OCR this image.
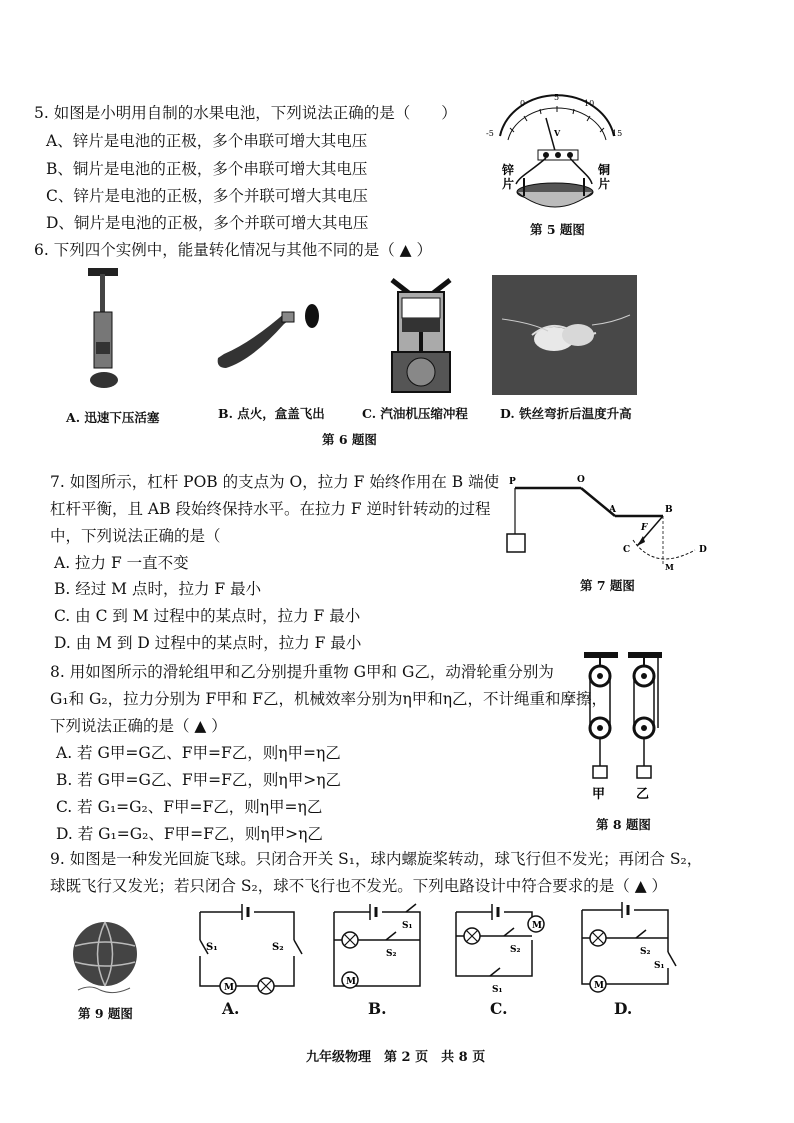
5. 如图是小明用自制的水果电池，下列说法正确的是（　　）
A、锌片是电池的正极，多个串联可增大其电压
B、铜片是电池的正极，多个串联可增大其电压
C、锌片是电池的正极，多个并联可增大其电压
D、铜片是电池的正极，多个并联可增大其电压
-5
0
5
10
15
V
锌
片
铜
片
第 5 题图
6. 下列四个实例中，能量转化情况与其他不同的是（ ▲ ）
A. 迅速下压活塞	B. 点火，盒盖飞出	C. 汽油机压缩冲程	D. 铁丝弯折后温度升高
第 6 题图
7. 如图所示，杠杆 POB 的支点为 O，拉力 F 始终作用在 B 端使
杠杆平衡，且 AB 段始终保持水平。在拉力 F 逆时针转动的过程
中，下列说法正确的是（
A. 拉力 F 一直不变
B. 经过 M 点时，拉力 F 最小
C. 由 C 到 M 过程中的某点时，拉力 F 最小
D. 由 M 到 D 过程中的某点时，拉力 F 最小
P	O
A	B
F
C	D
M
第 7 题图
8. 用如图所示的滑轮组甲和乙分别提升重物 G甲和 G乙，动滑轮重分别为
G₁和 G₂，拉力分别为 F甲和 F乙，机械效率分别为η甲和η乙，不计绳重和摩擦，
下列说法正确的是（ ▲ ）
A. 若 G甲=G乙、F甲=F乙，则η甲=η乙
B. 若 G甲=G乙、F甲=F乙，则η甲>η乙
C. 若 G₁=G₂、F甲=F乙，则η甲=η乙
D. 若 G₁=G₂、F甲=F乙，则η甲>η乙
甲 乙
第 8 题图
9. 如图是一种发光回旋飞球。只闭合开关 S₁，球内螺旋桨转动，球飞行但不发光；再闭合 S₂，
球既飞行又发光；若只闭合 S₂，球不飞行也不发光。下列电路设计中符合要求的是（ ▲ ）
第 9 题图
S₁	S₂
M
A.
S₁
S₂
M
B.
M
S₂
S₁
C.
S₂
S₁
M
D.
九年级物理　第 2 页　共 8 页
